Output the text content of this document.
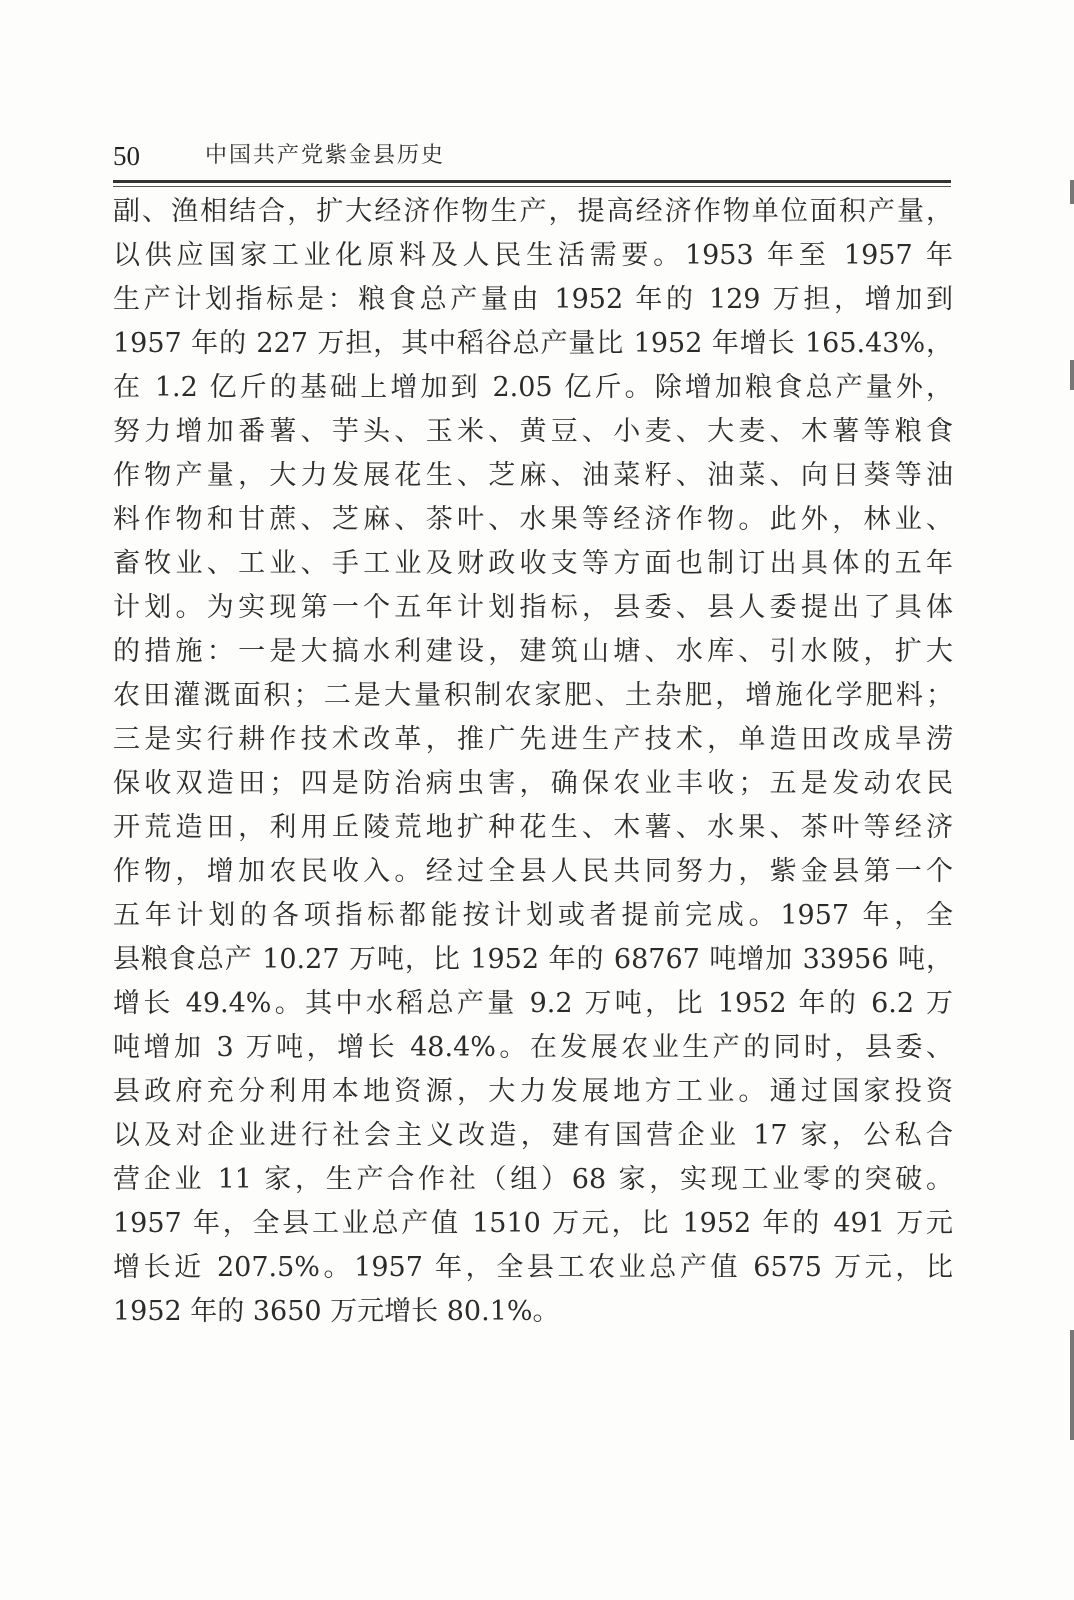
50	中国共产党紫金县历史
副、渔相结合，扩大经济作物生产，提高经济作物单位面积产量，
以供应国家工业化原料及人民生活需要。1953 年至 1957 年
生产计划指标是：粮食总产量由 1952 年的 129 万担，增加到
1957 年的 227 万担，其中稻谷总产量比 1952 年增长 165.43%，
在 1.2 亿斤的基础上增加到 2.05 亿斤。除增加粮食总产量外，
努力增加番薯、芋头、玉米、黄豆、小麦、大麦、木薯等粮食
作物产量，大力发展花生、芝麻、油菜籽、油菜、向日葵等油
料作物和甘蔗、芝麻、茶叶、水果等经济作物。此外，林业、
畜牧业、工业、手工业及财政收支等方面也制订出具体的五年
计划。为实现第一个五年计划指标，县委、县人委提出了具体
的措施：一是大搞水利建设，建筑山塘、水库、引水陂，扩大
农田灌溉面积；二是大量积制农家肥、土杂肥，增施化学肥料；
三是实行耕作技术改革，推广先进生产技术，单造田改成旱涝
保收双造田；四是防治病虫害，确保农业丰收；五是发动农民
开荒造田，利用丘陵荒地扩种花生、木薯、水果、茶叶等经济
作物，增加农民收入。经过全县人民共同努力，紫金县第一个
五年计划的各项指标都能按计划或者提前完成。1957 年，全
县粮食总产 10.27 万吨，比 1952 年的 68767 吨增加 33956 吨，
增长 49.4%。其中水稻总产量 9.2 万吨，比 1952 年的 6.2 万
吨增加 3 万吨，增长 48.4%。在发展农业生产的同时，县委、
县政府充分利用本地资源，大力发展地方工业。通过国家投资
以及对企业进行社会主义改造，建有国营企业 17 家，公私合
营企业 11 家，生产合作社（组）68 家，实现工业零的突破。
1957 年，全县工业总产值 1510 万元，比 1952 年的 491 万元
增长近 207.5%。1957 年，全县工农业总产值 6575 万元，比
1952 年的 3650 万元增长 80.1%。
